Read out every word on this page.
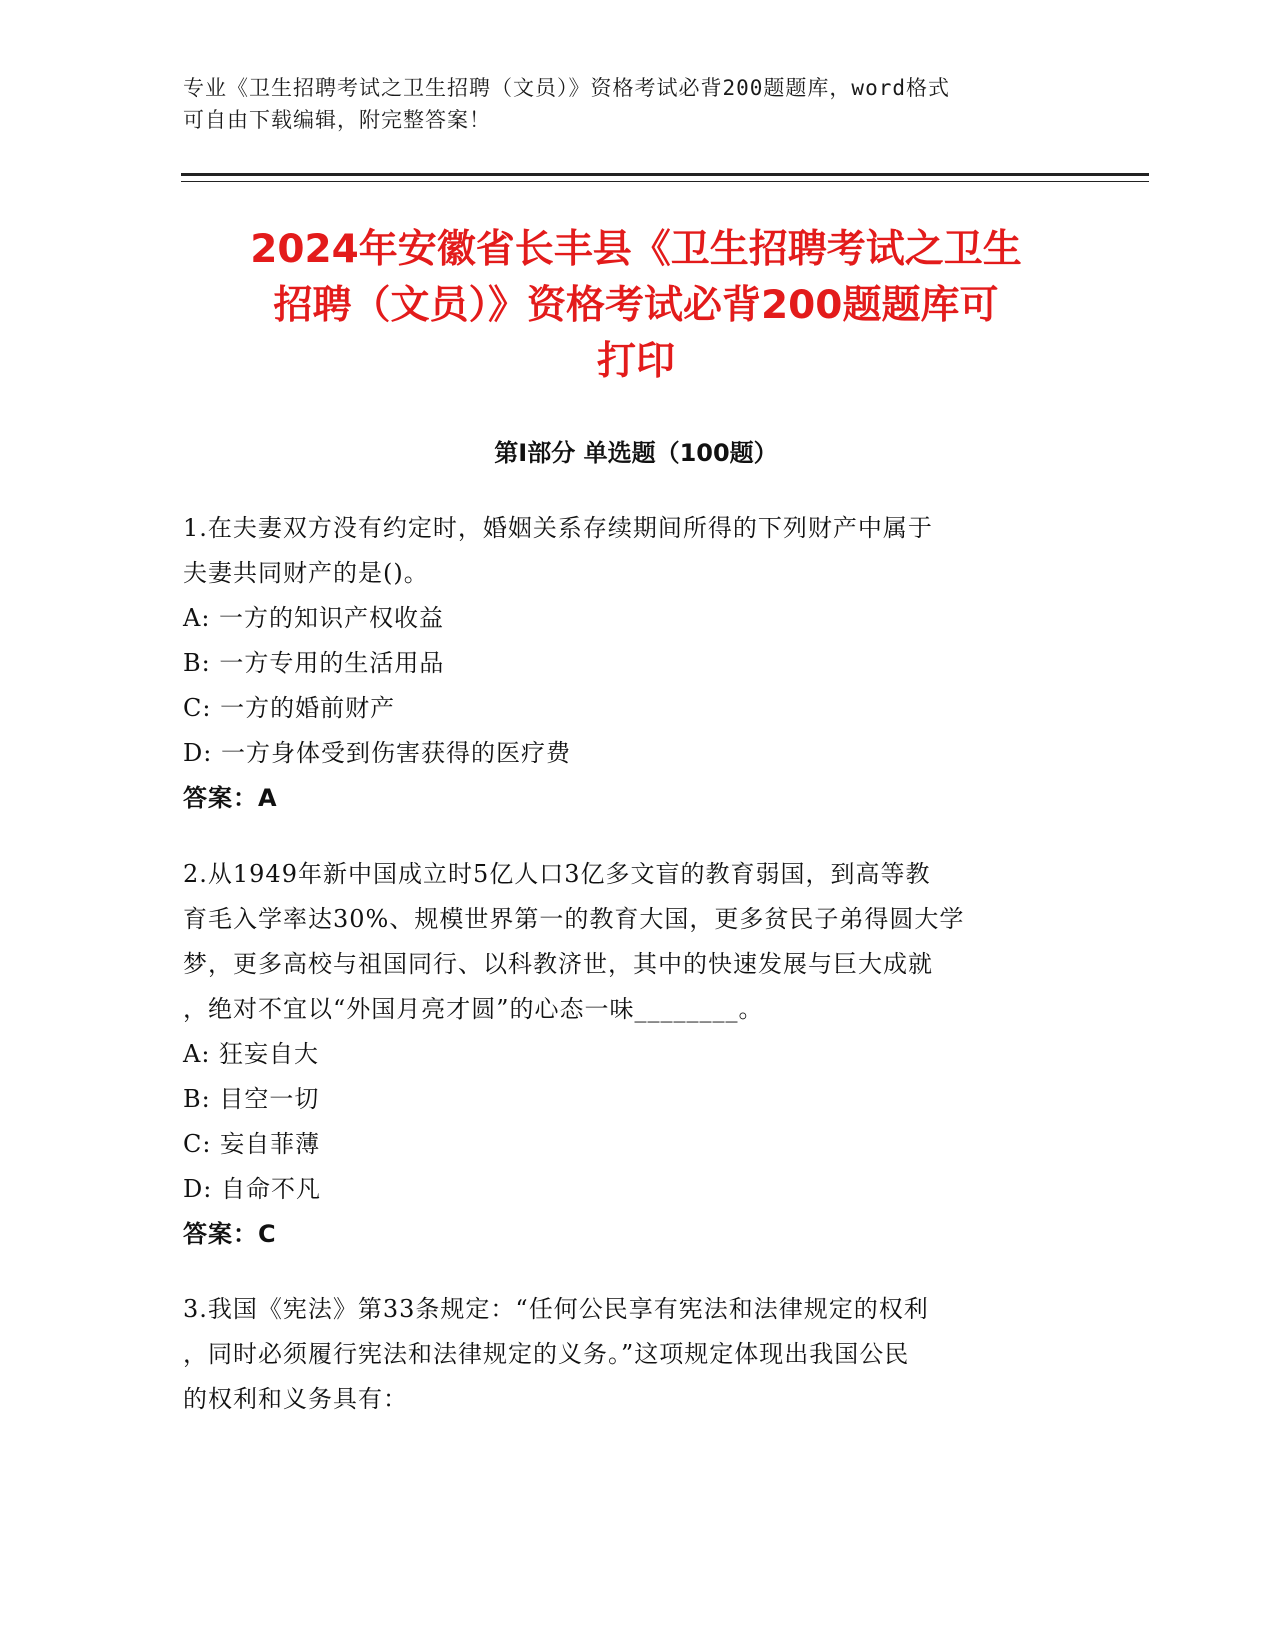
专业《卫生招聘考试之卫生招聘（文员）》资格考试必背200题题库，word格式
可自由下载编辑，附完整答案！
2024年安徽省长丰县《卫生招聘考试之卫生
招聘（文员）》资格考试必背200题题库可
打印
第Ⅰ部分 单选题（100题）

1.在夫妻双方没有约定时，婚姻关系存续期间所得的下列财产中属于

夫妻共同财产的是()。

A: 一方的知识产权收益

B: 一方专用的生活用品

C: 一方的婚前财产

D: 一方身体受到伤害获得的医疗费

答案：A

2.从1949年新中国成立时5亿人口3亿多文盲的教育弱国，到高等教

育毛入学率达30%、规模世界第一的教育大国，更多贫民子弟得圆大学

梦，更多高校与祖国同行、以科教济世，其中的快速发展与巨大成就

，绝对不宜以“外国月亮才圆”的心态一味________。

A: 狂妄自大

B: 目空一切

C: 妄自菲薄

D: 自命不凡

答案：C

3.我国《宪法》第33条规定：“任何公民享有宪法和法律规定的权利

，同时必须履行宪法和法律规定的义务。”这项规定体现出我国公民

的权利和义务具有：
